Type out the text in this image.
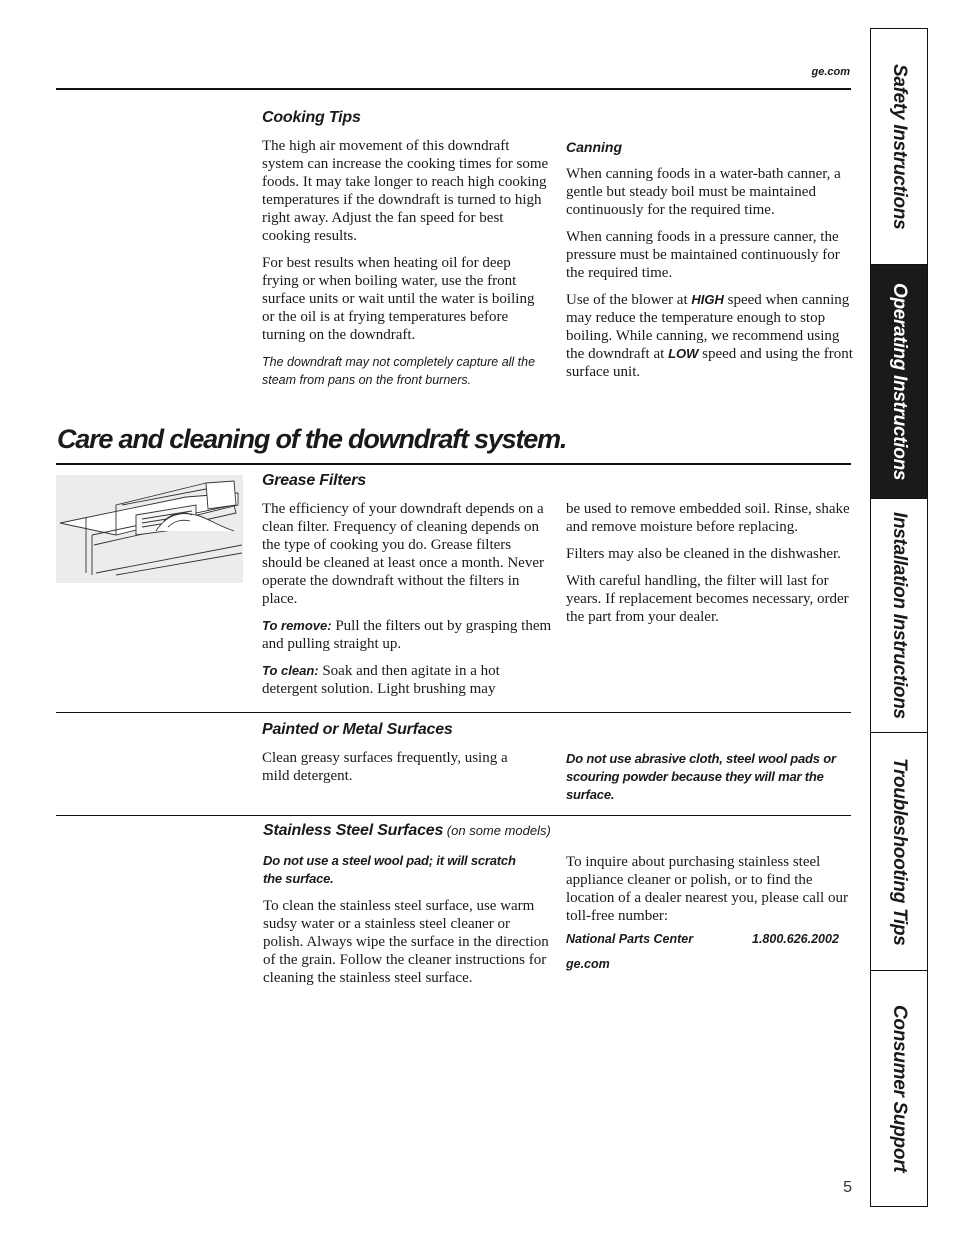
ge.com
Cooking Tips

The high air movement of this downdraft system can increase the cooking times for some foods. It may take longer to reach high cooking temperatures if the downdraft is turned to high right away. Adjust the fan speed for best cooking results.

For best results when heating oil for deep frying or when boiling water, use the front surface units or wait until the water is boiling or the oil is at frying temperatures before turning on the downdraft.

The downdraft may not completely capture all the steam from pans on the front burners.

Canning

When canning foods in a water-bath canner, a gentle but steady boil must be maintained continuously for the required time.

When canning foods in a pressure canner, the pressure must be maintained continuously for the required time.

Use of the blower at HIGH speed when canning may reduce the temperature enough to stop boiling. While canning, we recommend using the downdraft at LOW speed and using the front surface unit.

Care and cleaning of the downdraft system.
Grease Filters

The efficiency of your downdraft depends on a clean filter. Frequency of cleaning depends on the type of cooking you do. Grease filters should be cleaned at least once a month. Never operate the downdraft without the filters in place.

To remove: Pull the filters out by grasping them and pulling straight up.

To clean: Soak and then agitate in a hot detergent solution. Light brushing may

be used to remove embedded soil. Rinse, shake and remove moisture before replacing.

Filters may also be cleaned in the dishwasher.

With careful handling, the filter will last for years. If replacement becomes necessary, order the part from your dealer.

Painted or Metal Surfaces

Clean greasy surfaces frequently, using a mild detergent.

Do not use abrasive cloth, steel wool pads or scouring powder because they will mar the surface.

Stainless Steel Surfaces (on some models)

Do not use a steel wool pad; it will scratch the surface.

To clean the stainless steel surface, use warm sudsy water or a stainless steel cleaner or polish. Always wipe the surface in the direction of the grain. Follow the cleaner instructions for cleaning the stainless steel surface.

To inquire about purchasing stainless steel appliance cleaner or polish, or to find the location of a dealer nearest you, please call our toll-free number:

National Parts Center	1.800.626.2002
ge.com
5
Safety Instructions
Operating Instructions
Installation Instructions
Troubleshooting Tips
Consumer Support
